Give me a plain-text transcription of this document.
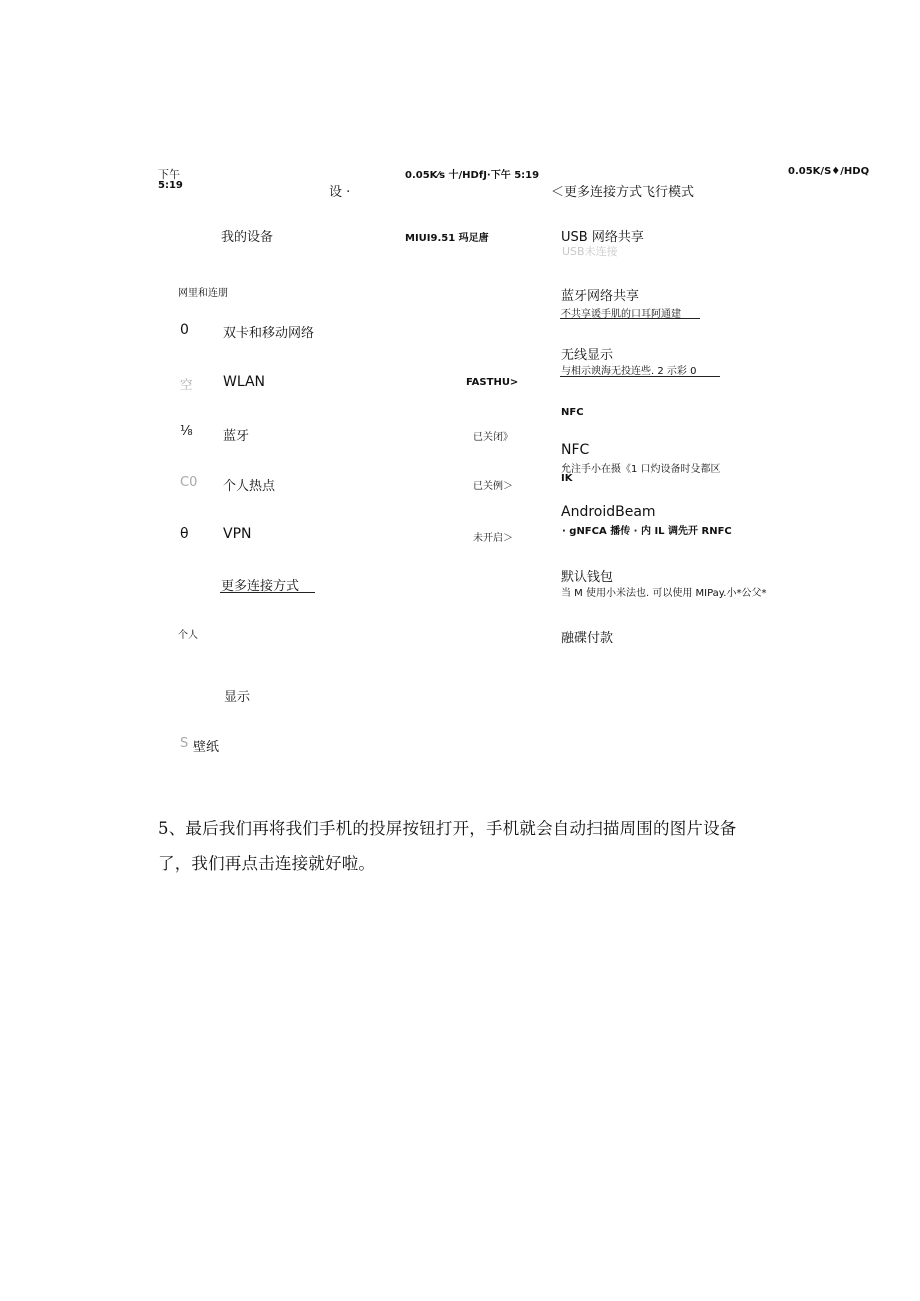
下午
5:19	设 ·
我的设备	MIUI9.51 玛足唐
网里和连朋
0	双卡和移动网络
空 WLAN	FASTHU>
⅛ 蓝牙	已关闭》
C0 个人热点	已关例＞
θ VPN	未开启＞
更多连接方式
个人
显示
S 壁纸
0.05K⁄s 十/HDfJ·下午 5:19	0.05K/S♦/HDQ
＜更多连接方式飞行模式
USB 网络共享
USB未连接
蓝牙网络共享
不共享谖手肌的口耳阿通建
无线显示
与相示谀海无投连些. 2 示彩 0
NFC
NFC
允注手小在摄《1 口灼设备时殳都区
IK
AndroidBeam
· gNFCA 播传 · 内 IL 调先开 RNFC
默认钱包
当 M 使用小米法也. 可以使用 MIPay.小*公父*
融碟付款
5、最后我们再将我们手机的投屏按钮打开，手机就会自动扫描周围的图片设备
了，我们再点击连接就好啦。
